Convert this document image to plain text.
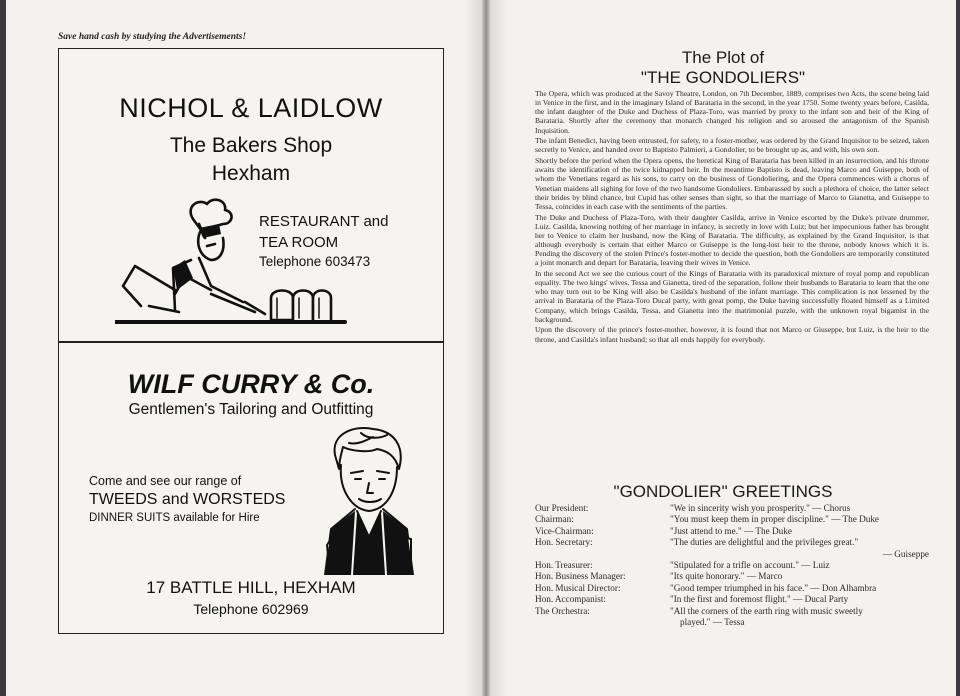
Save hand cash by studying the Advertisements!
NICHOL & LAIDLOW
The Bakers Shop
Hexham
RESTAURANT and
TEA ROOM
Telephone 603473
WILF CURRY & Co.
Gentlemen's Tailoring and Outfitting
Come and see our range of
TWEEDS and WORSTEDS
DINNER SUITS available for Hire
17 BATTLE HILL, HEXHAM
Telephone 602969
The Plot of
"THE GONDOLIERS"

The Opera, which was produced at the Savoy Theatre, London, on 7th December, 1889, comprises two Acts, the scene being laid in Venice in the first, and in the imaginary Island of Barataria in the second, in the year 1750. Some twenty years before, Casilda, the infant daughter of the Duke and Duchess of Plaza-Toro, was married by proxy to the infant son and heir of the King of Barataria. Shortly after the ceremony that monarch changed his religion and so aroused the antagonism of the Spanish Inquisition.

The infant Benedict, having been entrusted, for safety, to a foster-mother, was ordered by the Grand Inquisitor to be seized, taken secretly to Venice, and handed over to Baptisto Palmieri, a Gondolier, to be brought up as, and with, his own son.

Shortly before the period when the Opera opens, the heretical King of Barataria has been killed in an insurrection, and his throne awaits the identification of the twice kidnapped heir. In the meantime Baptisto is dead, leaving Marco and Guiseppe, both of whom the Venetians regard as his sons, to carry on the business of Gondoliering, and the Opera commences with a chorus of Venetian maidens all sighing for love of the two handsome Gondoliers. Embarassed by such a plethora of choice, the latter select their brides by blind chance, but Cupid has other senses than sight, so that the marriage of Marco to Gianetta, and Guiseppe to Tessa, coincides in each case with the sentiments of the parties.

The Duke and Duchess of Plaza-Toro, with their daughter Casilda, arrive in Venice escorted by the Duke's private drummer, Luiz. Casilda, knowing nothing of her marriage in infancy, is secretly in love with Luiz; but her impecunious father has brought her to Venice to claim her husband, now the King of Barataria. The difficulty, as explained by the Grand Inquisitor, is that although everybody is certain that either Marco or Guiseppe is the long-lost heir to the throne, nobody knows which it is. Pending the discovery of the stolen Prince's foster-mother to decide the question, both the Gondoliers are temporarily constituted a joint monarch and depart for Barataria, leaving their wives in Venice.

In the second Act we see the curious court of the Kings of Barataria with its paradoxical mixture of royal pomp and republican equality. The two kings' wives, Tessa and Gianetta, tired of the separation, follow their husbands to Barataria to learn that the one who may turn out to be King will also be Casilda's husband of the infant marriage. This complication is not lessened by the arrival in Barataria of the Plaza-Toro Ducal party, with great pomp, the Duke having successfully floated himself as a Limited Company, which brings Casilda, Tessa, and Gianetta into the matrimonial puzzle, with the unknown royal bigamist in the background.

Upon the discovery of the prince's foster-mother, however, it is found that not Marco or Giuseppe, but Luiz, is the heir to the throne, and Casilda's infant husband; so that all ends happily for everybody.

"GONDOLIER" GREETINGS
Our President:	"We in sincerity wish you prosperity." — Chorus
Chairman:	"You must keep them in proper discipline." — The Duke
Vice-Chairman:	"Just attend to me." — The Duke
Hon. Secretary:	"The duties are delightful and the privileges great."
— Guiseppe
Hon. Treasurer:	"Stipulated for a trifle on account." — Luiz
Hon. Business Manager:	"Its quite honorary." — Marco
Hon. Musical Director:	"Good temper triumphed in his face." — Don Alhambra
Hon. Accompanist:	"In the first and foremost flight." — Ducal Party
The Orchestra:	"All the corners of the earth ring with music sweetly
played." — Tessa
